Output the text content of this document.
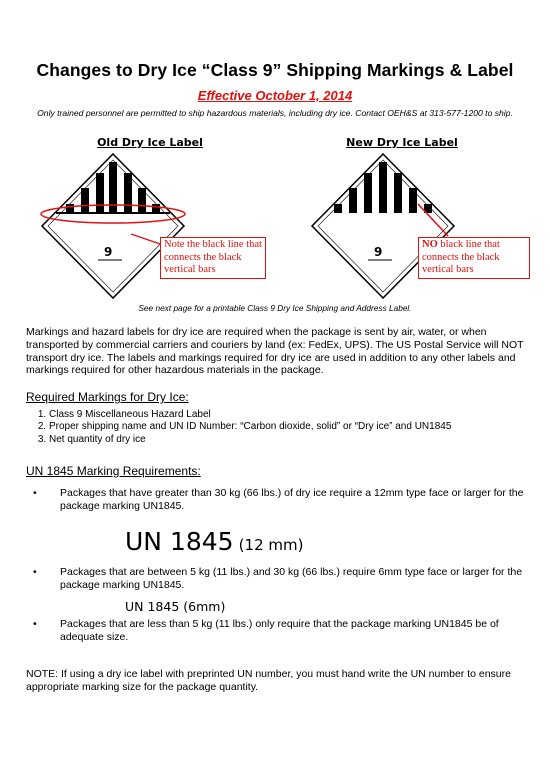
Changes to Dry Ice “Class 9” Shipping Markings & Label
Effective October 1, 2014
Only trained personnel are permitted to ship hazardous materials, including dry ice. Contact OEH&S at 313-577-1200 to ship.
Old Dry Ice Label
9
Note the black line that connects the black vertical bars
New Dry Ice Label
9
NO black line that connects the black vertical bars
See next page for a printable Class 9 Dry Ice Shipping and Address Label.
Markings and hazard labels for dry ice are required when the package is sent by air, water, or when transported by commercial carriers and couriers by land (ex: FedEx, UPS). The US Postal Service will NOT transport dry ice. The labels and markings required for dry ice are used in addition to any other labels and markings required for other hazardous materials in the package.
Required Markings for Dry Ice:
1. Class 9 Miscellaneous Hazard Label
2. Proper shipping name and UN ID Number: “Carbon dioxide, solid” or “Dry ice” and UN1845
3. Net quantity of dry ice
UN 1845 Marking Requirements:
• Packages that have greater than 30 kg (66 lbs.) of dry ice require a 12mm type face or larger for the package marking UN1845.
UN 1845 (12 mm)
• Packages that are between 5 kg (11 lbs.) and 30 kg (66 lbs.) require 6mm type face or larger for the package marking UN1845.
UN 1845 (6mm)
• Packages that are less than 5 kg (11 lbs.) only require that the package marking UN1845 be of adequate size.
NOTE: If using a dry ice label with preprinted UN number, you must hand write the UN number to ensure appropriate marking size for the package quantity.
